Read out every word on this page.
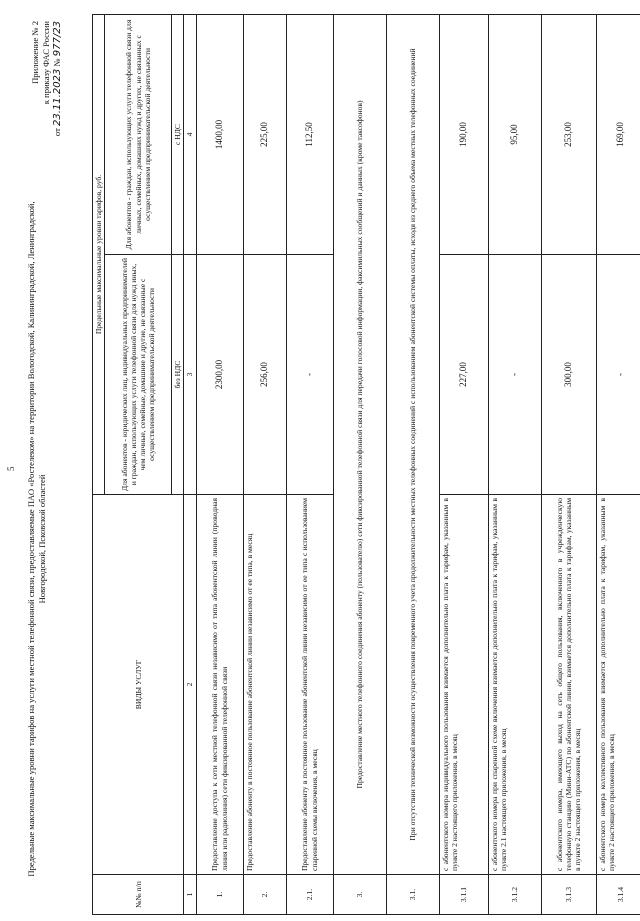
5 Предельные максимальные уровни тарифов на услуги местной телефонной связи, предоставляемые ПАО «Ростелеком» на территории Вологодской, Калининградской, Ленинградской, Новгородской, Псковской областей
Приложение № 2 к приказу ФАС России
от 23.11.2023 № 977/23
№№ п/п	ВИДЫ УСЛУГ	Предельные максимальные уровни тарифов, руб.	
		Для абонентов - юридических лиц, индивидуальных предпринимателей и граждан, использующих услуги телефонной связи для нужд иных, чем личные, семейные, домашние и другие, не связанные с осуществлением предпринимательской деятельности	Для абонентов - граждан, использующих услуги телефонной связи для личных, семейных, домашних нужд и других, не связанных с осуществлением предпринимательской деятельности
		без НДС	с НДС
1	2	3	4
1.	Предоставление доступа к сети местной телефонной связи независимо от типа абонентской линии (проводная линия или радиолиния) сети фиксированной телефонной связи	2300,00	1400,00
2.	Предоставление абоненту в постоянное пользование абонентской линии независимо от ее типа, в месяц	256,00	225,00
2.1.	Предоставление абоненту в постоянное пользование абонентской линии независимо от ее типа с использованием спаренной схемы включения, в месяц	-	112,50
3.	Предоставление местного телефонного соединения абоненту (пользователю) сети фиксированной телефонной связи для передачи голосовой информации, факсимильных сообщений и данных (кроме таксофонов)		
3.1.	При отсутствии технической возможности осуществления повременного учета продолжительности местных телефонных соединений с использованием абонентской системы оплаты, исходя из среднего объема местных телефонных соединений		
3.1.1	с абонентского номера индивидуального пользования взимается дополнительно плата к тарифам, указанным в пункте 2 настоящего приложения, в месяц	227,00	190,00
3.1.2	с абонентского номера при спаренной схеме включения взимается дополнительно плата к тарифам, указанным в пункте 2.1 настоящего приложения, в месяц	-	95,00
3.1.3	с абонентского номера, имеющего выход на сеть общего пользования, включенного в учрежденческую телефонную станцию (Мини-АТС) по абонентской линии, взимается дополнительно плата к тарифам, указанным в пункте 2 настоящего приложения, в месяц	300,00	253,00
3.1.4	с абонентского номера коллективного пользования взимается дополнительно плата к тарифам, указанным в пункте 2 настоящего приложения, в месяц	-	169,00
